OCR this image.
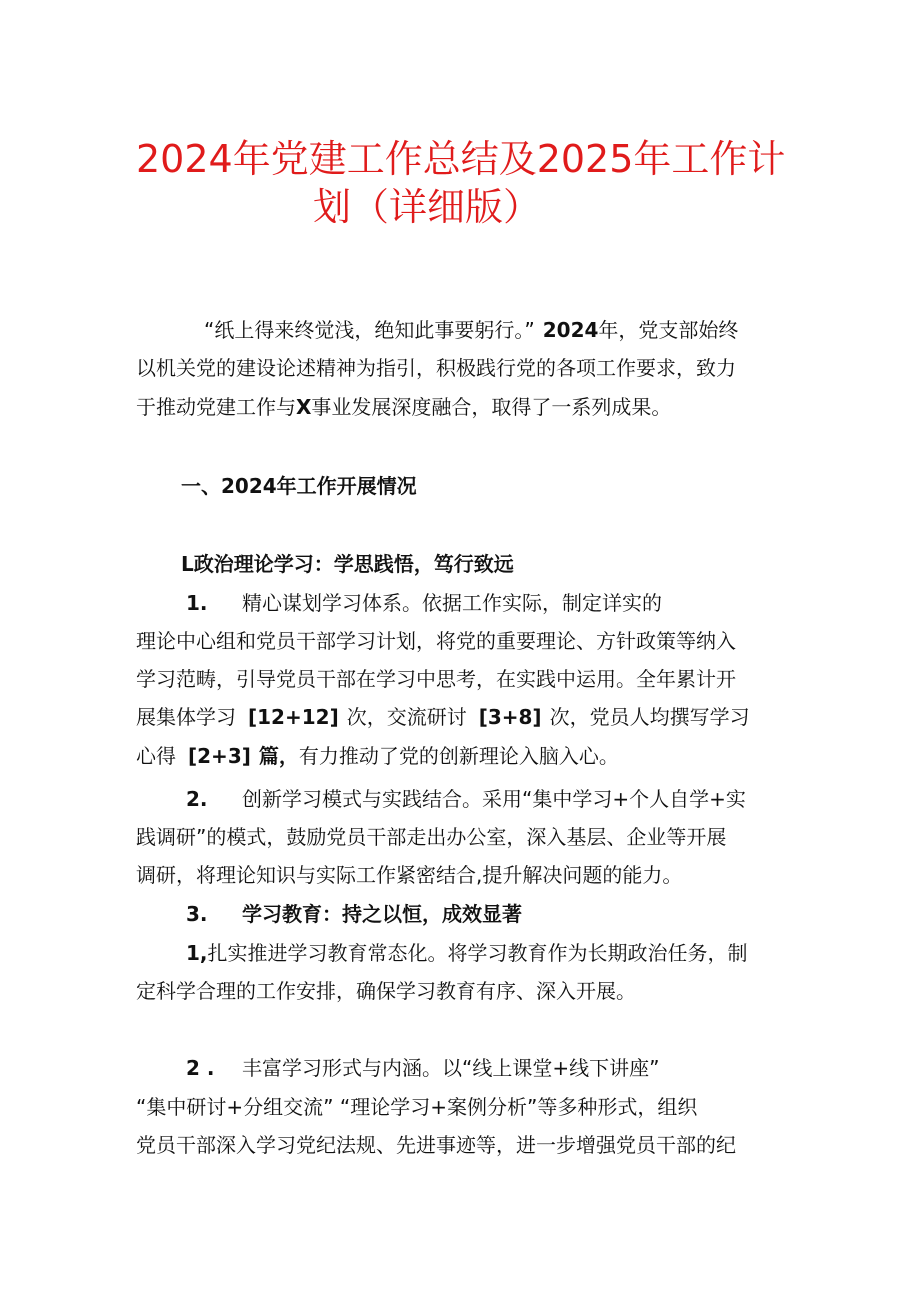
2024年党建工作总结及2025年工作计
划（详细版）
“纸上得来终觉浅，绝知此事要躬行。” 2024年，党支部始终
以机关党的建设论述精神为指引，积极践行党的各项工作要求，致力
于推动党建工作与X事业发展深度融合，取得了一系列成果。
一、2024年工作开展情况
L政治理论学习：学思践悟，笃行致远
1. 精心谋划学习体系。依据工作实际，制定详实的
理论中心组和党员干部学习计划，将党的重要理论、方针政策等纳入
学习范畴，引导党员干部在学习中思考，在实践中运用。全年累计开
展集体学习 [12+12] 次，交流研讨 [3+8] 次，党员人均撰写学习
心得 [2+3] 篇，有力推动了党的创新理论入脑入心。
2. 创新学习模式与实践结合。采用“集中学习+个人自学+实
践调研”的模式，鼓励党员干部走出办公室，深入基层、企业等开展
调研，将理论知识与实际工作紧密结合,提升解决问题的能力。
3. 学习教育：持之以恒，成效显著
1,扎实推进学习教育常态化。将学习教育作为长期政治任务，制
定科学合理的工作安排，确保学习教育有序、深入开展。
2 . 丰富学习形式与内涵。以“线上课堂+线下讲座”
“集中研讨+分组交流” “理论学习+案例分析”等多种形式，组织
党员干部深入学习党纪法规、先进事迹等，进一步增强党员干部的纪
